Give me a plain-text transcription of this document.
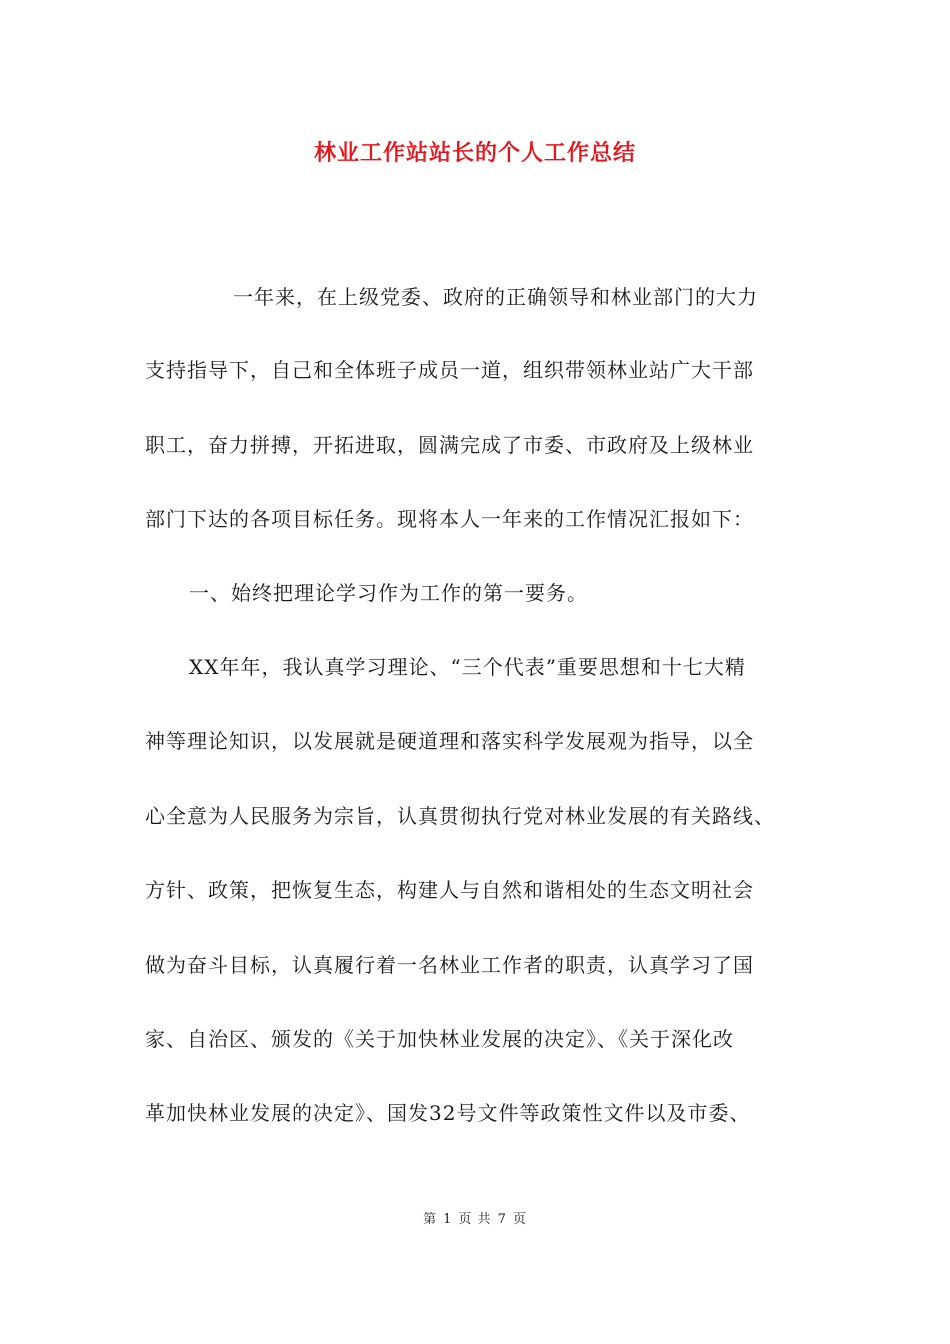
林业工作站站长的个人工作总结
一年来，在上级党委、政府的正确领导和林业部门的大力
支持指导下，自己和全体班子成员一道，组织带领林业站广大干部
职工，奋力拼搏，开拓进取，圆满完成了市委、市政府及上级林业
部门下达的各项目标任务。现将本人一年来的工作情况汇报如下：
一、始终把理论学习作为工作的第一要务。
XX年年，我认真学习理论、“三个代表”重要思想和十七大精
神等理论知识，以发展就是硬道理和落实科学发展观为指导，以全
心全意为人民服务为宗旨，认真贯彻执行党对林业发展的有关路线、
方针、政策，把恢复生态，构建人与自然和谐相处的生态文明社会
做为奋斗目标，认真履行着一名林业工作者的职责，认真学习了国
家、自治区、颁发的《关于加快林业发展的决定》、《关于深化改
革加快林业发展的决定》、国发32号文件等政策性文件以及市委、
第 1 页 共 7 页
